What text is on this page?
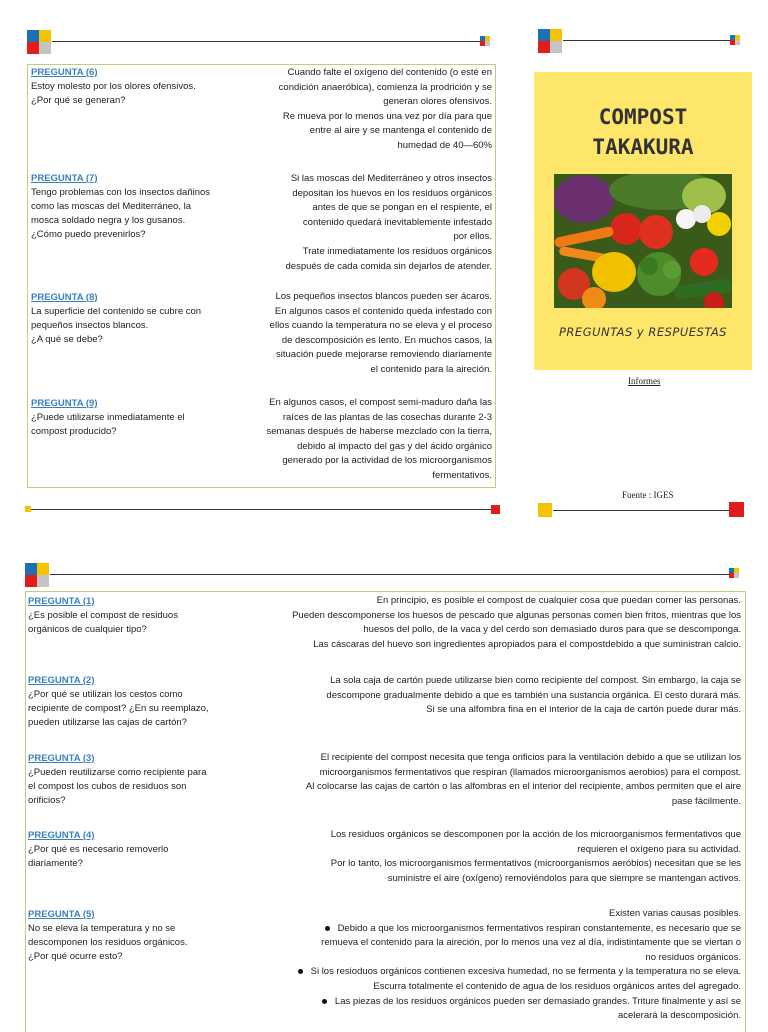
PREGUNTA (6)
Estoy molesto por los olores ofensivos.
¿Por qué se generan?
Cuando falte el oxígeno del contenido (o esté en
condición anaeróbica), comienza la prodrición y se
generan olores ofensivos.
Re mueva por lo menos una vez por día para que
entre al aire y se mantenga el contenido de
humedad de 40—60%
PREGUNTA (7)
Tengo problemas con los insectos dañinos
como las moscas del Mediterráneo, la
mosca soldado negra y los gusanos.
¿Cómo puedo prevenirlos?
Si las moscas del Mediterráneo y otros insectos
depositan los huevos en los residuos orgánicos
antes de que se pongan en el respiente, el
contenido quedará inevitablemente infestado
por ellos.
Trate inmediatamente los residuos orgánicos
después de cada comida sin dejarlos de atender.
PREGUNTA (8)
La superficie del contenido se cubre con
pequeños insectos blancos.
¿A qué se debe?
Los pequeños insectos blancos pueden ser ácaros.
En algunos casos el contenido queda infestado con
ellos cuando la temperatura no se eleva y el proceso
de descomposición es lento. En muchos casos, la
situación puede mejorarse removiendo diariamente
el contenido para la aireción.
PREGUNTA (9)
¿Puede utilizarse inmediatamente el
compost producido?
En algunos casos, el compost semi-maduro daña las
raíces de las plantas de las cosechas durante 2-3
semanas después de haberse mezclado con la tierra,
debido al impacto del gas y del ácido orgánico
generado por la actividad de los microorganismos
fermentativos.
COMPOST
TAKAKURA
PREGUNTAS y RESPUESTAS
Informes
Fuente : IGES
PREGUNTA (1)
¿Es posible el compost de residuos
orgánicos de cualquier tipo?
En principio, es posible el compost de cualquier cosa que puedan comer las personas.
Pueden descomponerse los huesos de pescado que algunas personas comen bien fritos, mientras que los
huesos del pollo, de la vaca y del cerdo son demasiado duros para que se descomponga.
Las cáscaras del huevo son ingredientes apropiados para el compostdebido a que suministran calcio.
PREGUNTA (2)
¿Por qué se utilizan los cestos como
recipiente de compost? ¿En su reemplazo,
pueden utilizarse las cajas de cartón?
La sola caja de cartón puede utilizarse bien como recipiente del compost. Sin embargo, la caja se
descompone gradualmente debido a que es también una sustancia orgánica. El cesto durará más.
Si se una alfombra fina en el interior de la caja de cartón puede durar más.
PREGUNTA (3)
¿Pueden reutilizarse como recipiente para
el compost los cubos de residuos son
orificios?
El recipiente del compost necesita que tenga orificios para la ventilación debido a que se utilizan los
microorganismos fermentativos que respiran (llamados microorganismos aerobios) para el compost.
Al colocarse las cajas de cartón o las alfombras en el interior del recipiente, ambos permiten que el aire
pase fácilmente.
PREGUNTA (4)
¿Por qué es necesario removerlo
diariamente?
Los residuos orgánicos se descomponen por la acción de los microorganismos fermentativos que
requieren el oxígeno para su actividad.
Por lo tanto, los microorganismos fermentativos (microorganismos aeróbios) necesitan que se les
suministre el aire (oxígeno) removiéndolos para que siempre se mantengan activos.
PREGUNTA (5)
No se eleva la temperatura y no se
descomponen los residuos orgánicos.
¿Por qué ocurre esto?
Existen varias causas posibles.
Debido a que los microorganismos fermentativos respiran constantemente, es necesario que se
remueva el contenido para la aireción, por lo menos una vez al día, indistintamente que se viertan o
no residuos orgánicos.
Si los resioduos orgánicos contienen excesiva humedad, no se fermenta y la temperatura no se eleva.
Escurra totalmente el contenido de agua de los residuos orgánicos antes del agregado.
Las piezas de los residuos orgánicos pueden ser demasiado grandes. Triture finalmente y así se
acelerará la descomposición.
